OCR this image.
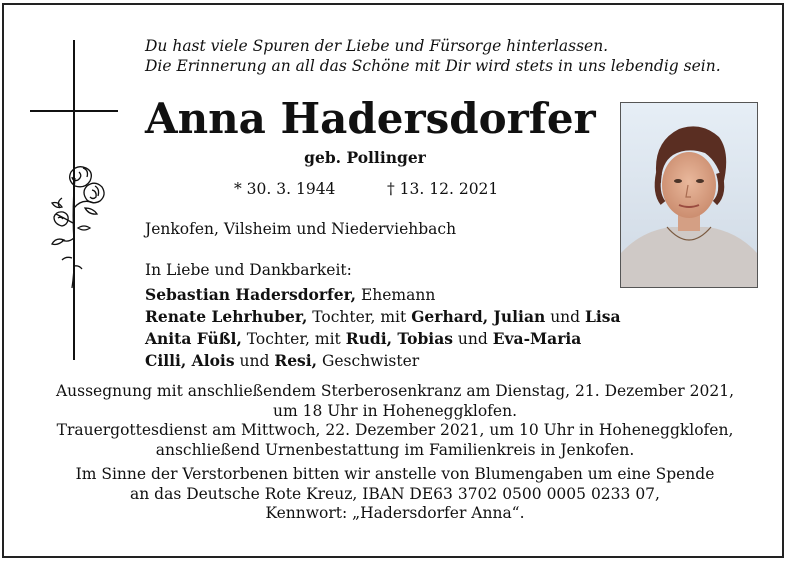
Du hast viele Spuren der Liebe und Fürsorge hinterlassen.
Die Erinnerung an all das Schöne mit Dir wird stets in uns lebendig sein.
Anna Hadersdorfer
geb. Pollinger
* 30. 3. 1944	† 13. 12. 2021
Jenkofen, Vilsheim und Niederviehbach
In Liebe und Dankbarkeit:
Sebastian Hadersdorfer, Ehemann
Renate Lehrhuber, Tochter, mit Gerhard, Julian und Lisa
Anita Füßl, Tochter, mit Rudi, Tobias und Eva-Maria
Cilli, Alois und Resi, Geschwister

Aussegnung mit anschließendem Sterberosenkranz am Dienstag, 21. Dezember 2021,
um 18 Uhr in Hoheneggklofen.
Trauergottesdienst am Mittwoch, 22. Dezember 2021, um 10 Uhr in Hoheneggklofen,
anschließend Urnenbestattung im Familienkreis in Jenkofen.

Im Sinne der Verstorbenen bitten wir anstelle von Blumengaben um eine Spende
an das Deutsche Rote Kreuz, IBAN DE63 3702 0500 0005 0233 07,
Kennwort: „Hadersdorfer Anna“.
